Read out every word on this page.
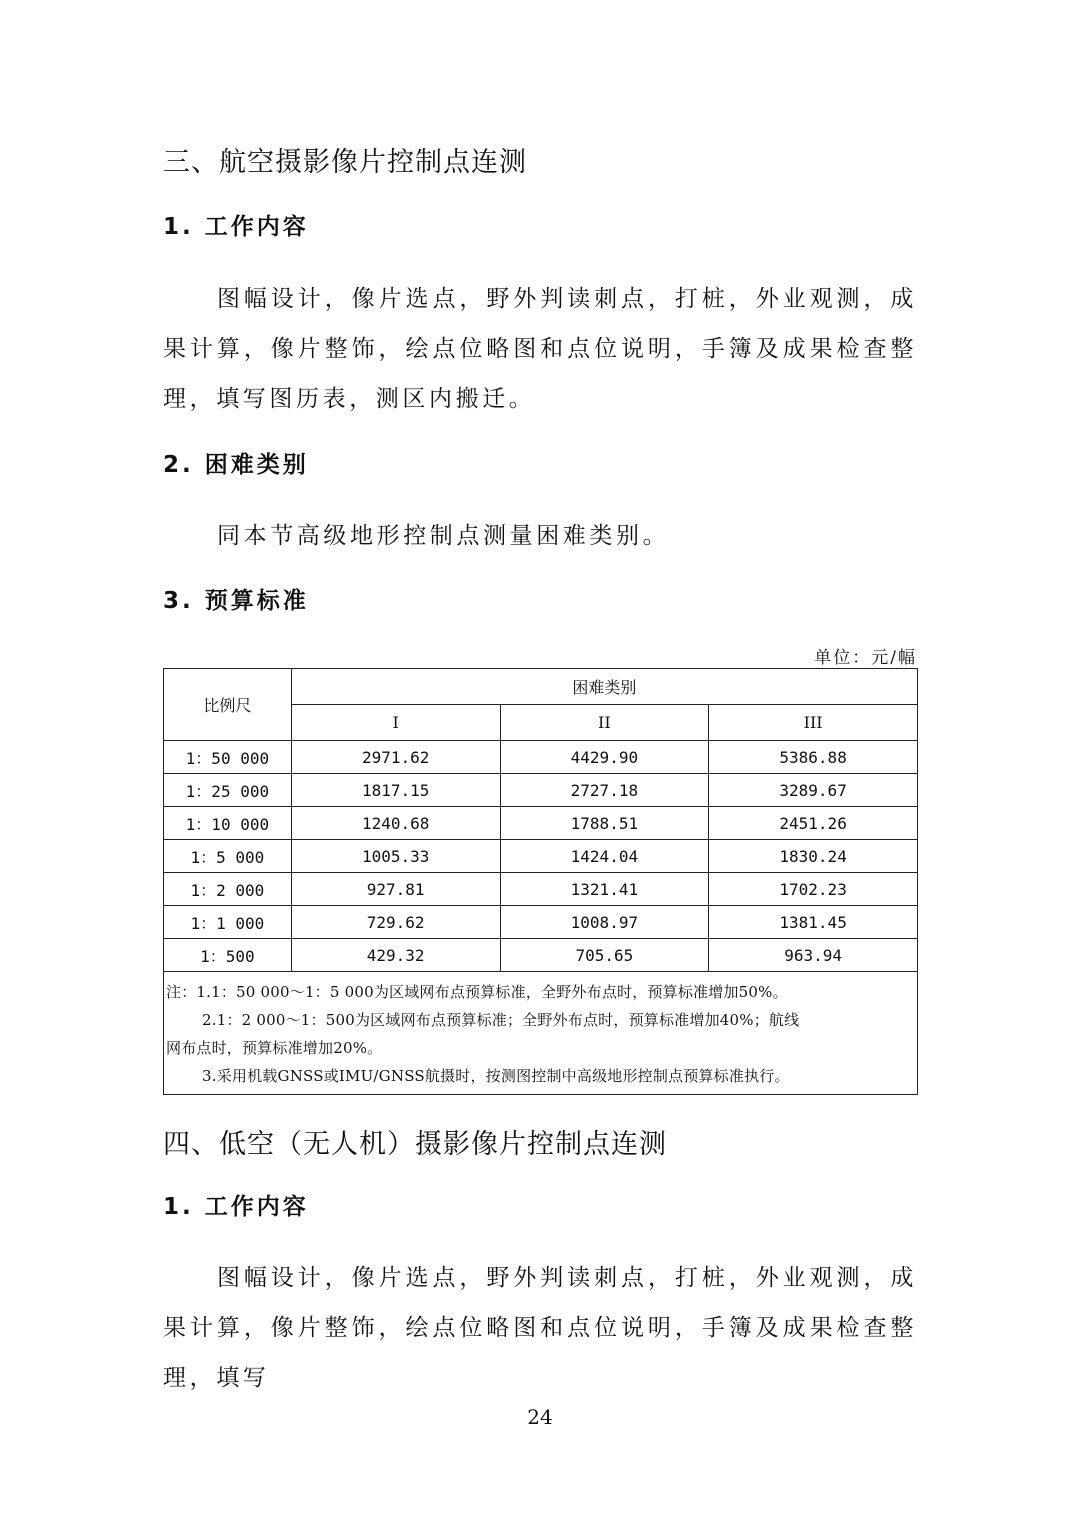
三、航空摄影像片控制点连测
1. 工作内容
图幅设计，像片选点，野外判读刺点，打桩，外业观测，成果计算，像片整饰，绘点位略图和点位说明，手簿及成果检查整理，填写图历表，测区内搬迁。
2. 困难类别
同本节高级地形控制点测量困难类别。
3. 预算标准
单位：元/幅
比例尺	困难类别		
	I	II	III
1：50 000	2971.62	4429.90	5386.88
1：25 000	1817.15	2727.18	3289.67
1：10 000	1240.68	1788.51	2451.26
1：5 000	1005.33	1424.04	1830.24
1：2 000	927.81	1321.41	1702.23
1：1 000	729.62	1008.97	1381.45
1：500	429.32	705.65	963.94

注：1.1：50 000～1：5 000为区域网布点预算标准，全野外布点时，预算标准增加50%。
2.1：2 000～1：500为区域网布点预算标准；全野外布点时，预算标准增加40%；航线
网布点时，预算标准增加20%。
3.采用机载GNSS或IMU/GNSS航摄时，按测图控制中高级地形控制点预算标准执行。			
四、低空（无人机）摄影像片控制点连测
1. 工作内容
图幅设计，像片选点，野外判读刺点，打桩，外业观测，成果计算，像片整饰，绘点位略图和点位说明，手簿及成果检查整理，填写
24
